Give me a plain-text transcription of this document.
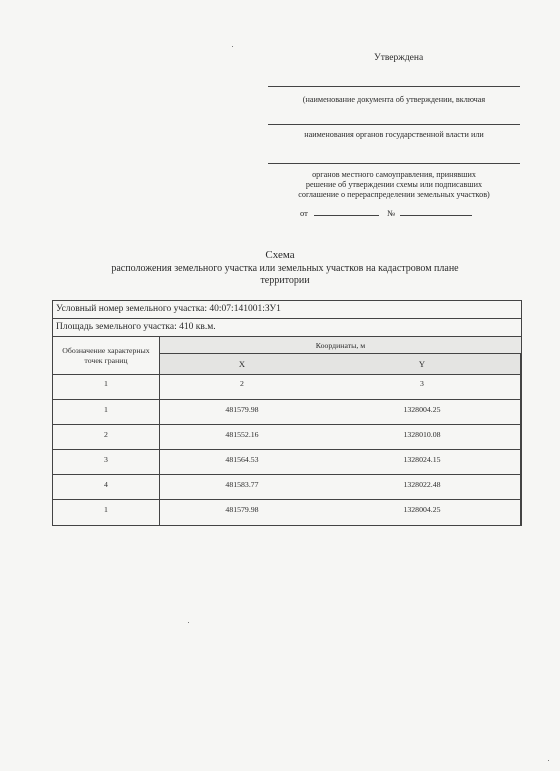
Утверждена
(наименование документа об утверждении, включая
наименования органов государственной власти или
органов местного самоуправления, принявших
решение об утверждении схемы или подписавших
соглашение о перераспределении земельных участков)
от	№
Схема
расположения земельного участка или земельных участков на кадастровом плане территории
Условный номер земельного участка: 40:07:141001:ЗУ1
Площадь земельного участка: 410 кв.м.
Обозначение характерных точек границ
Координаты, м
X	Y
1	2	3
1	481579.98	1328004.25
2	481552.16	1328010.08
3	481564.53	1328024.15
4	481583.77	1328022.48
1	481579.98	1328004.25
